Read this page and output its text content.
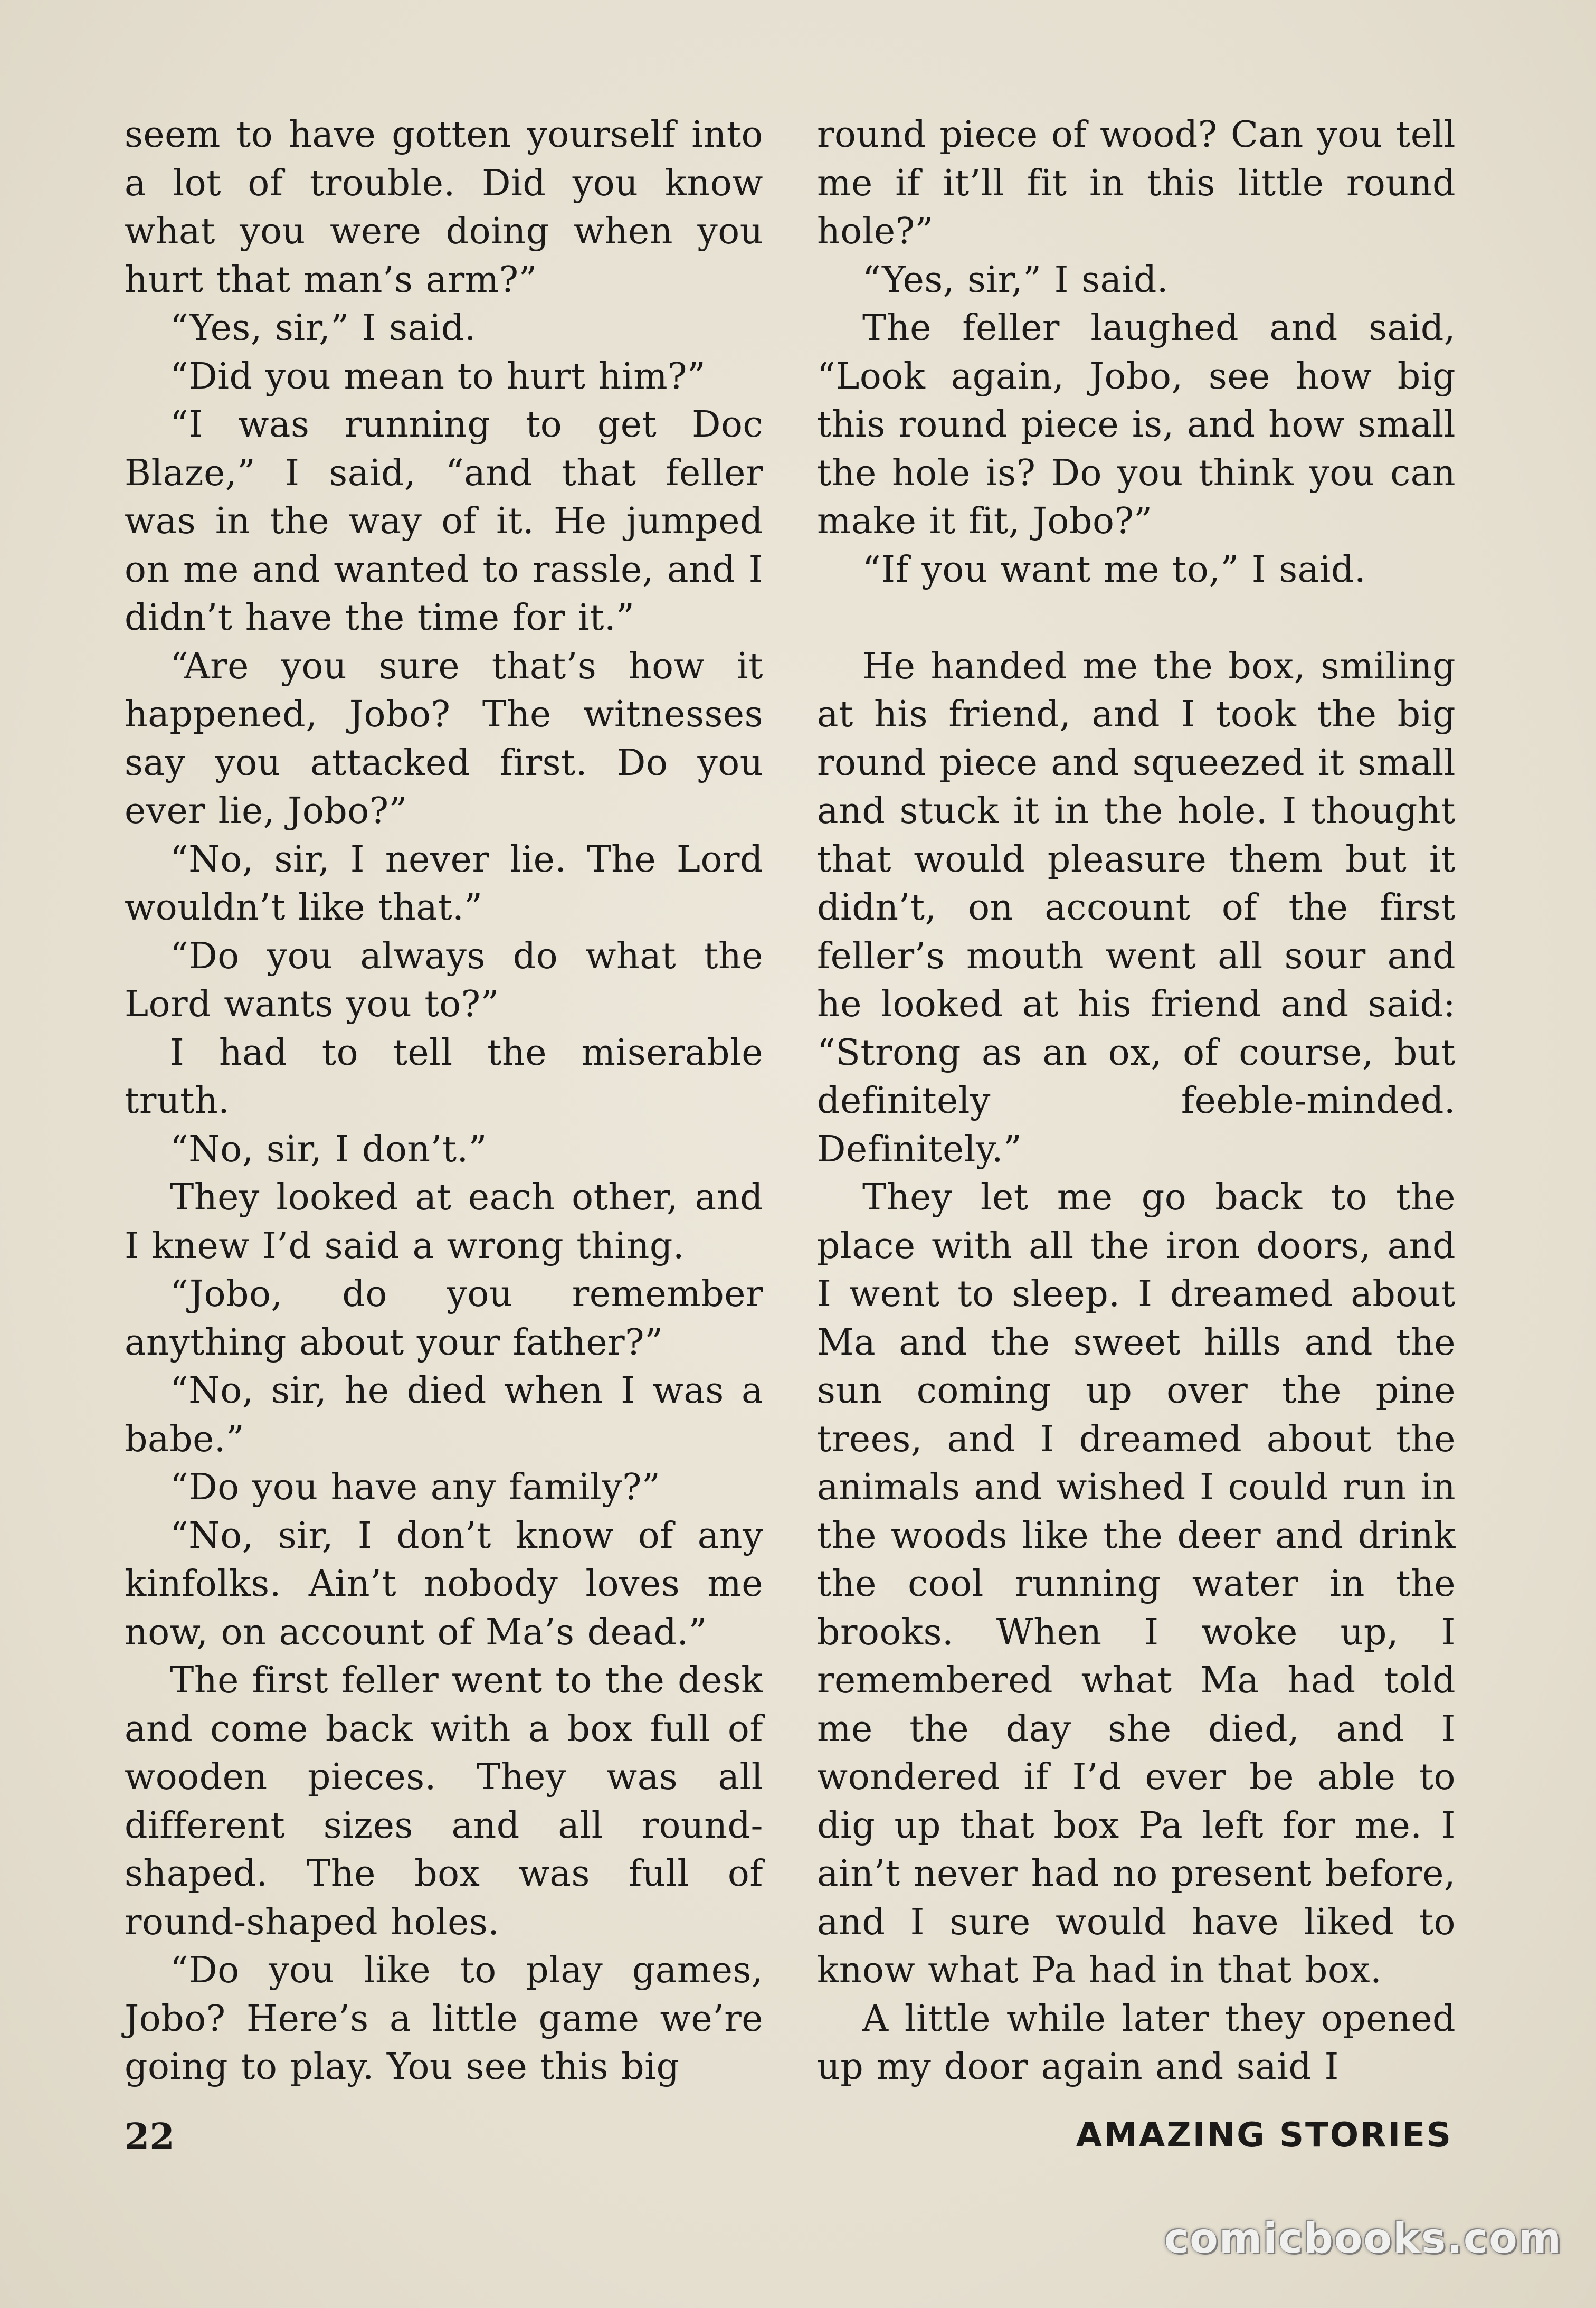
seem to have gotten yourself into a lot of trouble. Did you know what you were doing when you hurt that man’s arm?”

“Yes, sir,” I said.

“Did you mean to hurt him?”

“I was running to get Doc Blaze,” I said, “and that feller was in the way of it. He jumped on me and wanted to rassle, and I didn’t have the time for it.”

“Are you sure that’s how it happened, Jobo? The witnesses say you attacked first. Do you ever lie, Jobo?”

“No, sir, I never lie. The Lord wouldn’t like that.”

“Do you always do what the Lord wants you to?”

I had to tell the miserable truth.

“No, sir, I don’t.”

They looked at each other, and I knew I’d said a wrong thing.

“Jobo, do you remember anything about your father?”

“No, sir, he died when I was a babe.”

“Do you have any family?”

“No, sir, I don’t know of any kinfolks. Ain’t nobody loves me now, on account of Ma’s dead.”

The first feller went to the desk and come back with a box full of wooden pieces. They was all different sizes and all round-shaped. The box was full of round-shaped holes.

“Do you like to play games, Jobo? Here’s a little game we’re going to play. You see this big

round piece of wood? Can you tell me if it’ll fit in this little round hole?”

“Yes, sir,” I said.

The feller laughed and said, “Look again, Jobo, see how big this round piece is, and how small the hole is? Do you think you can make it fit, Jobo?”

“If you want me to,” I said.

He handed me the box, smiling at his friend, and I took the big round piece and squeezed it small and stuck it in the hole. I thought that would pleasure them but it didn’t, on account of the first feller’s mouth went all sour and he looked at his friend and said: “Strong as an ox, of course, but definitely feeble-minded. Definitely.”

They let me go back to the place with all the iron doors, and I went to sleep. I dreamed about Ma and the sweet hills and the sun coming up over the pine trees, and I dreamed about the animals and wished I could run in the woods like the deer and drink the cool running water in the brooks. When I woke up, I remembered what Ma had told me the day she died, and I wondered if I’d ever be able to dig up that box Pa left for me. I ain’t never had no present before, and I sure would have liked to know what Pa had in that box.

A little while later they opened up my door again and said I

22	AMAZING STORIES
comicbooks.com
